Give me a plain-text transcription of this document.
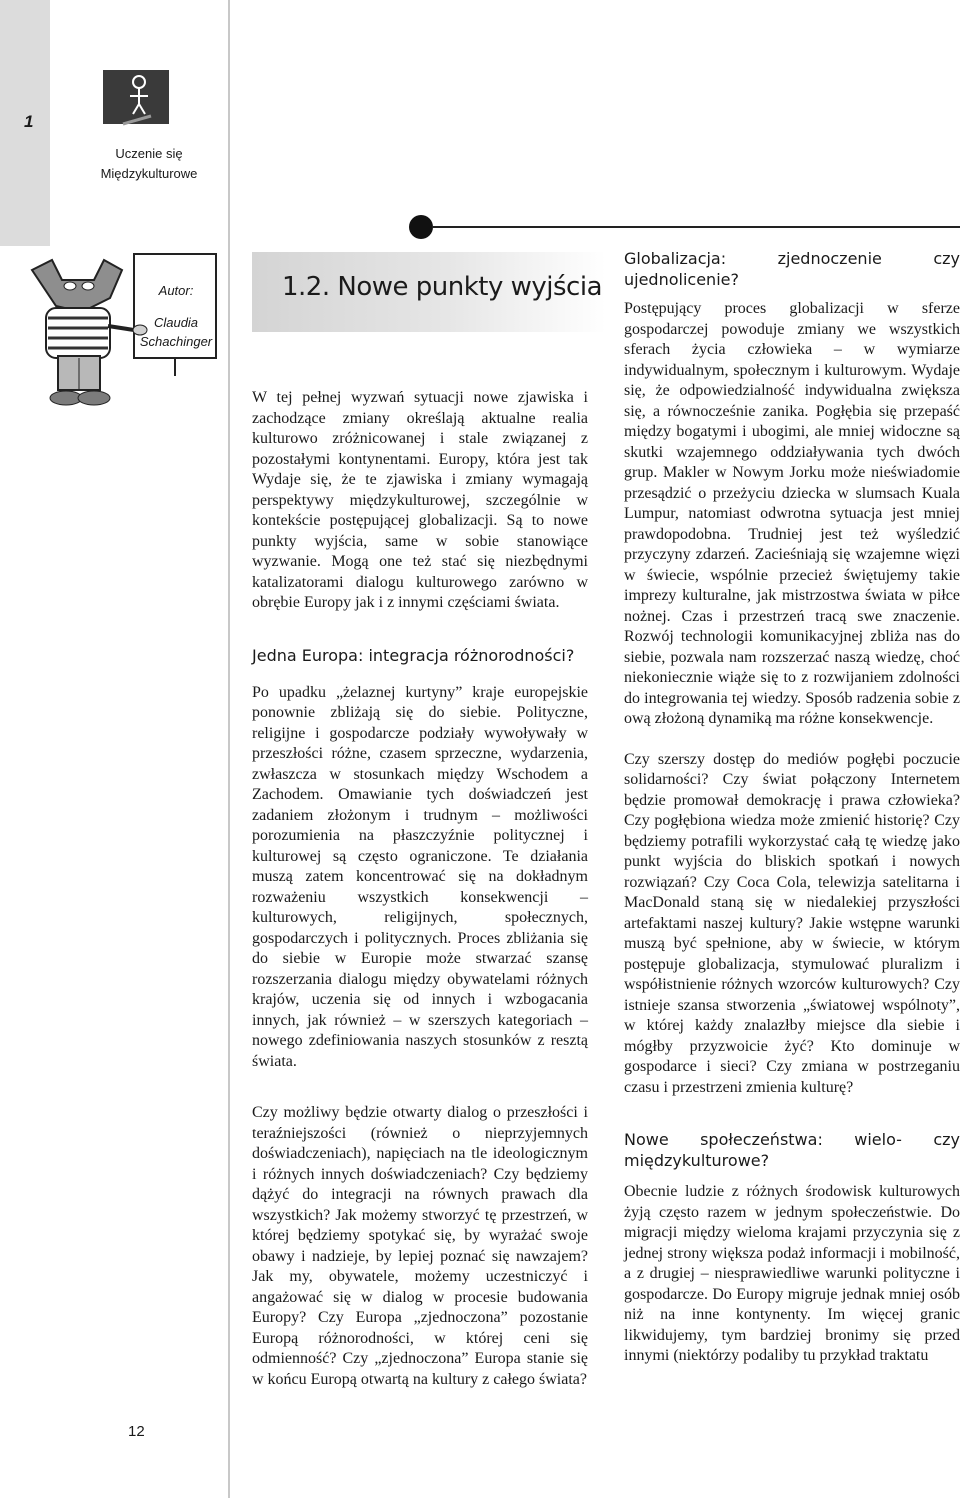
1
Uczenie się Międzykulturowe
Autor:
Claudia Schachinger
12
1.2. Nowe punkty wyjścia

W tej pełnej wyzwań sytuacji nowe zjawiska i zachodzące zmiany określają aktualne realia kulturowo zróżnicowanej i stale związanej z pozostałymi kontynentami. Europy, która jest tak Wydaje się, że te zjawiska i zmiany wymagają perspektywy międzykulturowej, szczególnie w kontekście postępującej globalizacji. Są to nowe punkty wyjścia, same w sobie stanowiące wyzwanie. Mogą one też stać się niezbędnymi katalizatorami dialogu kulturowego zarówno w obrębie Europy jak i z innymi częściami świata.

Jedna Europa: integracja różnorodności?

Po upadku „żelaznej kurtyny” kraje europejskie ponownie zbliżają się do siebie. Polityczne, religijne i gospodarcze podziały wywoływały w przeszłości różne, czasem sprzeczne, wydarzenia, zwłaszcza w stosunkach między Wschodem a Zachodem. Omawianie tych doświadczeń jest zadaniem złożonym i trudnym – możliwości porozumienia na płaszczyźnie politycznej i kulturowej są często ograniczone. Te działania muszą zatem koncentrować się na dokładnym rozważeniu wszystkich konsekwencji – kulturowych, religijnych, społecznych, gospodarczych i politycznych. Proces zbliżania się do siebie w Europie może stwarzać szansę rozszerzania dialogu między obywatelami różnych krajów, uczenia się od innych i wzbogacania innych, jak również – w szerszych kategoriach – nowego zdefiniowania naszych stosunków z resztą świata.

Czy możliwy będzie otwarty dialog o przeszłości i teraźniejszości (również o nieprzyjemnych doświadczeniach), napięciach na tle ideologicznym i różnych innych doświadczeniach? Czy będziemy dążyć do integracji na równych prawach dla wszystkich? Jak możemy stworzyć tę przestrzeń, w której będziemy spotykać się, by wyrażać swoje obawy i nadzieje, by lepiej poznać się nawzajem? Jak my, obywatele, możemy uczestniczyć i angażować się w dialog w procesie budowania Europy? Czy Europa „zjednoczona” pozostanie Europą różnorodności, w której ceni się odmienność? Czy „zjednoczona” Europa stanie się w końcu Europą otwartą na kultury z całego świata?

Globalizacja: zjednoczenie czy ujednolicenie?

Postępujący proces globalizacji w sferze gospodarczej powoduje zmiany we wszystkich sferach życia człowieka – w wymiarze indywidualnym, społecznym i kulturowym. Wydaje się, że odpowiedzialność indywidualna zwiększa się, a równocześnie zanika. Pogłębia się przepaść między bogatymi i ubogimi, ale mniej widoczne są skutki wzajemnego oddziaływania tych dwóch grup. Makler w Nowym Jorku może nieświadomie przesądzić o przeżyciu dziecka w slumsach Kuala Lumpur, natomiast odwrotna sytuacja jest mniej prawdopodobna. Trudniej jest też wyśledzić przyczyny zdarzeń. Zacieśniają się wzajemne więzi w świecie, wspólnie przecież świętujemy takie imprezy kulturalne, jak mistrzostwa świata w piłce nożnej. Czas i przestrzeń tracą swe znaczenie. Rozwój technologii komunikacyjnej zbliża nas do siebie, pozwala nam rozszerzać naszą wiedzę, choć niekoniecznie wiąże się to z rozwijaniem zdolności do integrowania tej wiedzy. Sposób radzenia sobie z ową złożoną dynamiką ma różne konsekwencje.

Czy szerszy dostęp do mediów pogłębi poczucie solidarności? Czy świat połączony Internetem będzie promował demokrację i prawa człowieka? Czy pogłębiona wiedza może zmienić historię? Czy będziemy potrafili wykorzystać całą tę wiedzę jako punkt wyjścia do bliskich spotkań i nowych rozwiązań? Czy Coca Cola, telewizja satelitarna i MacDonald staną się w niedalekiej przyszłości artefaktami naszej kultury? Jakie wstępne warunki muszą być spełnione, aby w świecie, w którym postępuje globalizacja, stymulować pluralizm i współistnienie różnych wzorców kulturowych? Czy istnieje szansa stworzenia „światowej wspólnoty”, w której każdy znalazłby miejsce dla siebie i mógłby przyzwoicie żyć? Kto dominuje w gospodarce i sieci? Czy zmiana w postrzeganiu czasu i przestrzeni zmienia kulturę?

Nowe społeczeństwa: wielo- czy międzykulturowe?

Obecnie ludzie z różnych środowisk kulturowych żyją często razem w jednym społeczeństwie. Do migracji między wieloma krajami przyczynia się z jednej strony większa podaż informacji i mobilność, a z drugiej – niesprawiedliwe warunki polityczne i gospodarcze. Do Europy migruje jednak mniej osób niż na inne kontynenty. Im więcej granic likwidujemy, tym bardziej bronimy się przed innymi (niektórzy podaliby tu przykład traktatu
